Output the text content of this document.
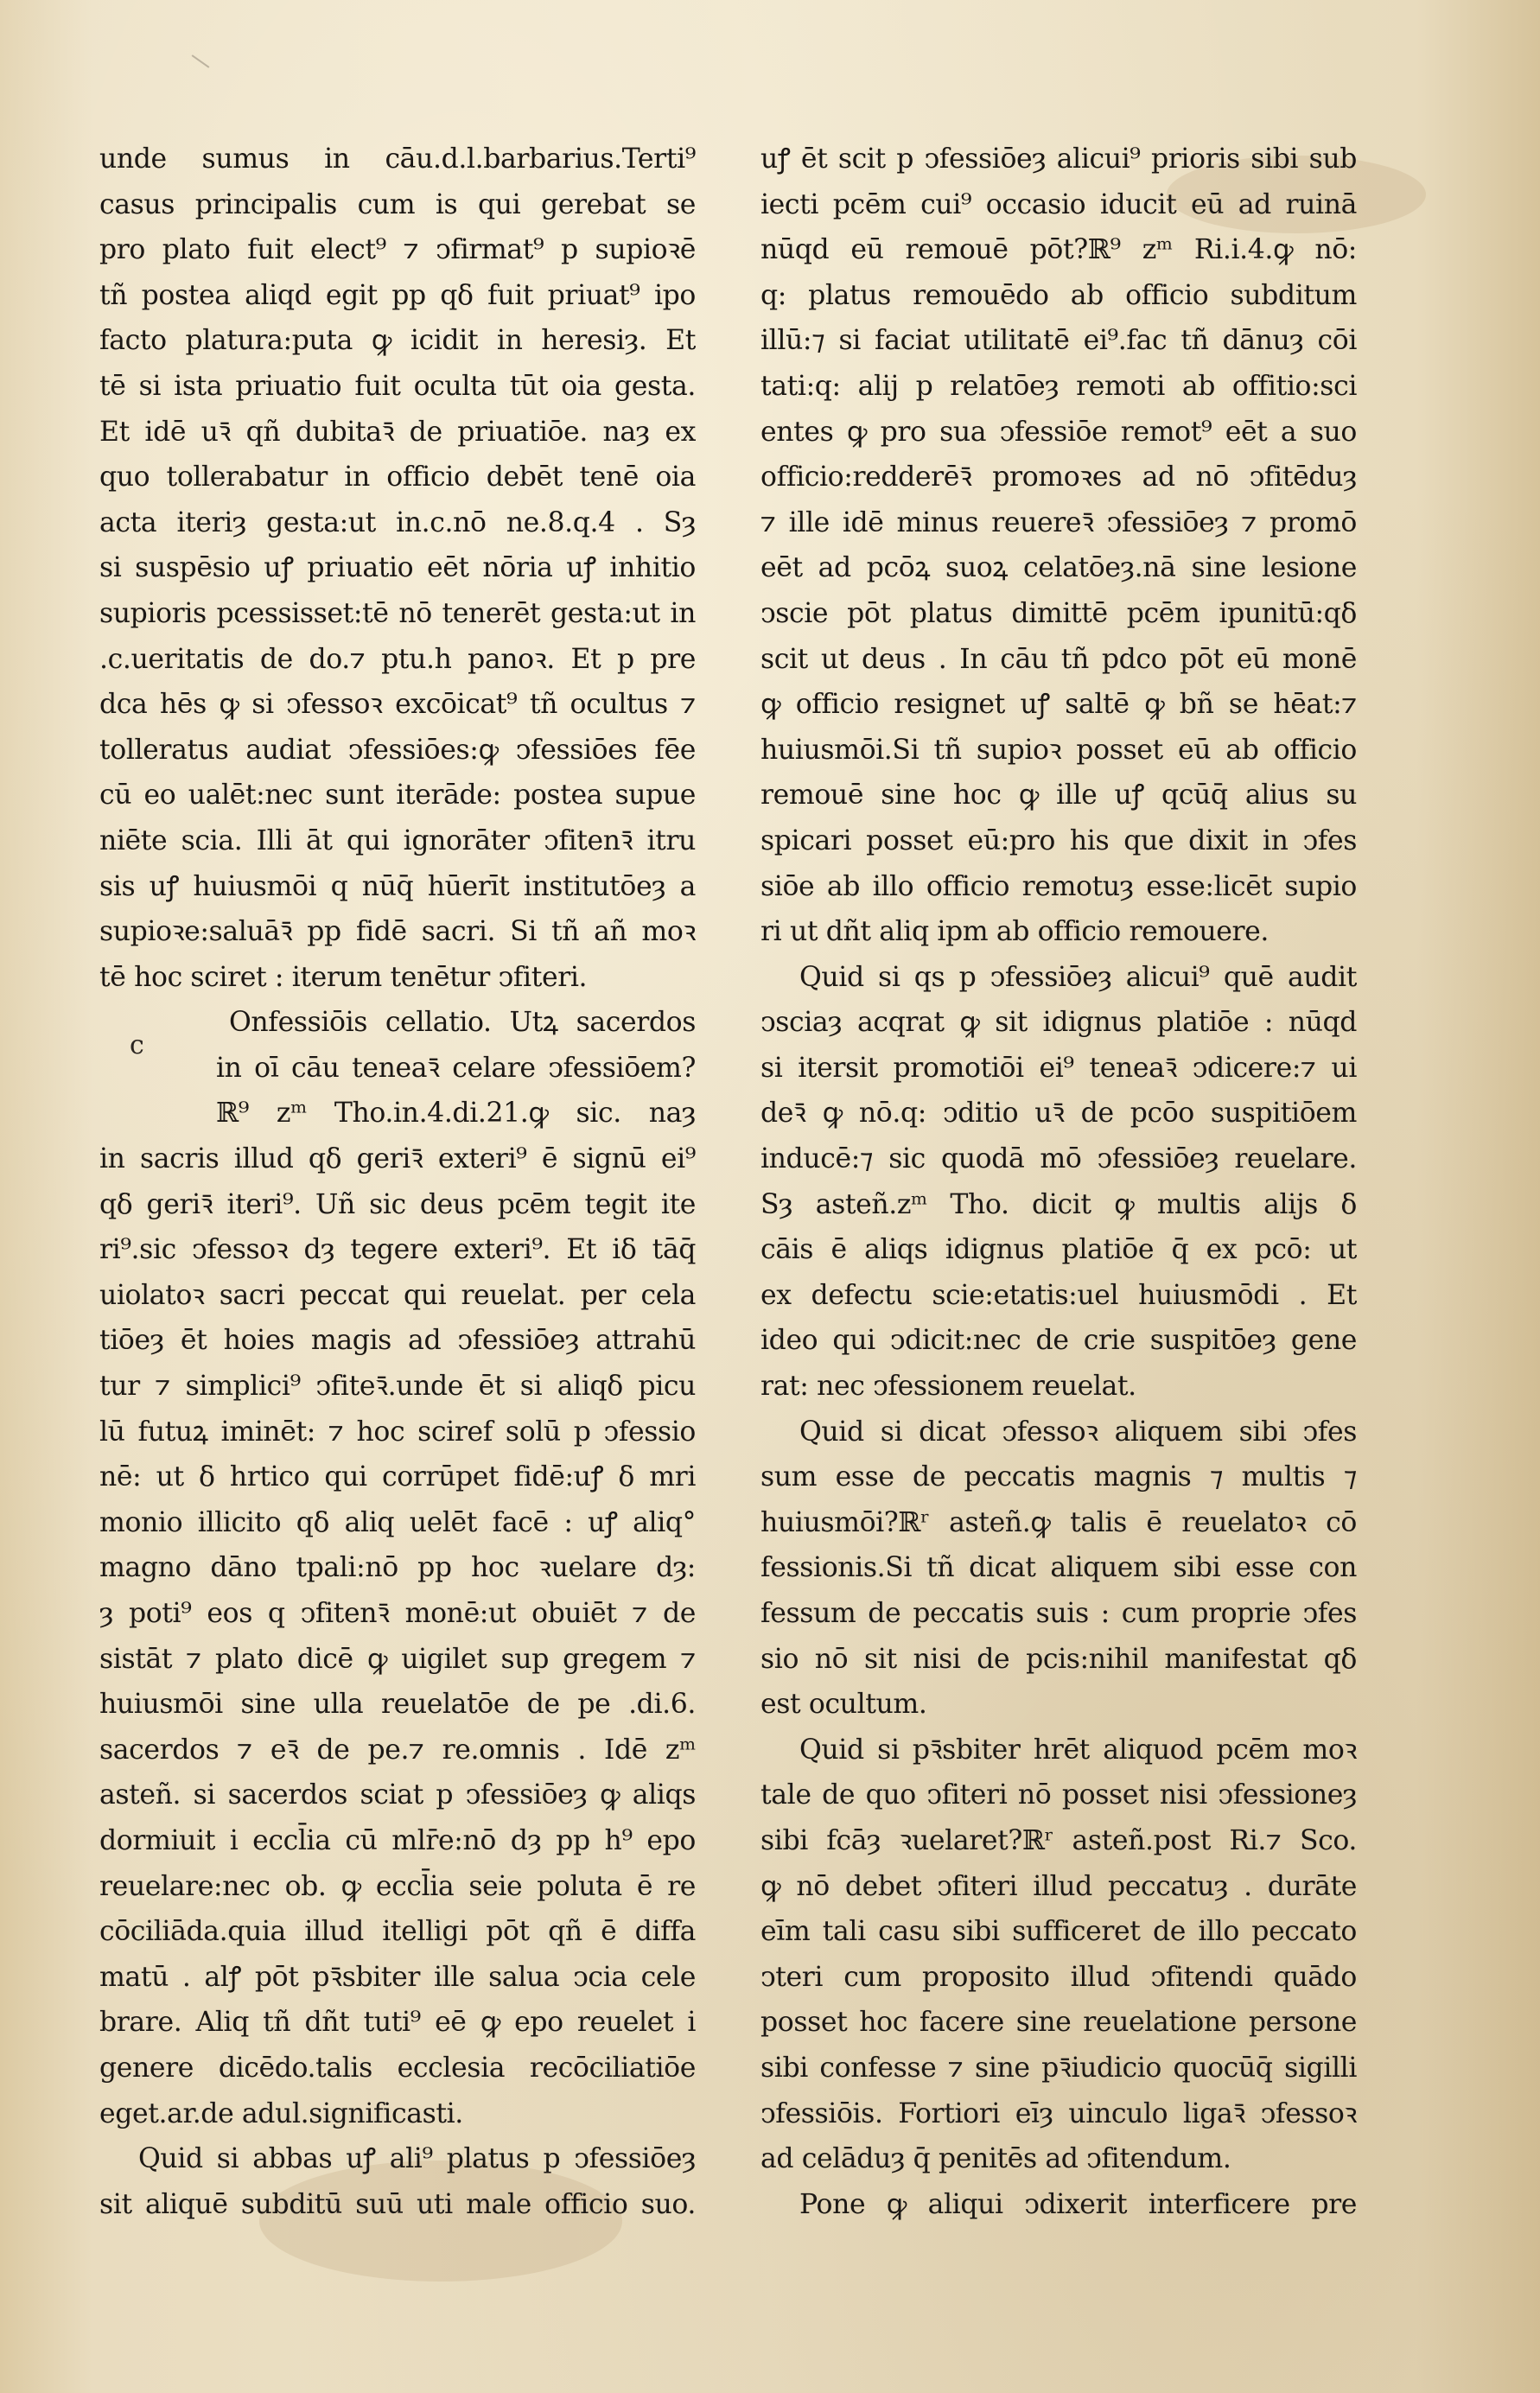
unde sumus in cāu.d.l.barbarius.Terti⁹
casus principalis cum is qui gerebat se
pro plato fuit elect⁹ ⁊ ↄfirmat⁹ p supioꝛē
tñ postea aliqd egit pp qδ fuit priuat⁹ ipo
facto platura:puta ꝙ icidit in heresiȝ. Et
tē si ista priuatio fuit oculta tūt oia gesta.
Et idē uꝛ̄ qñ dubitaꝛ̄ de priuatiōe. naȝ ex
quo tollerabatur in officio debēt tenē oia
acta iteriȝ gesta:ut in.c.nō ne.8.q.4 . Sȝ
si suspēsio uꝭ priuatio eēt nōria uꝭ inhitio
supioris pcessisset:tē nō tenerēt gesta:ut in
.c.ueritatis de do.⁊ ptu.h panoꝛ. Et p pre
dca hēs ꝙ si ↄfessoꝛ excōicat⁹ tñ ocultus ⁊
tolleratus audiat ↄfessiōes:ꝙ ↄfessiōes fēe
cū eo ualēt:nec sunt iterāde: postea supue
niēte scia. Illi āt qui ignorāter ↄfitenꝛ̄ itru
sis uꝭ huiusmōi q nūq̄ hūerīt institutōeȝ a
supioꝛe:saluāꝛ̄ pp fidē sacri. Si tñ añ moꝛ
tē hoc sciret : iterum tenētur ↄfiteri.
Onfessiōis cellatio. Utꝝ sacerdos
in oī cāu teneaꝛ̄ celare ↄfessiōem?
ℝ⁹ zᵐ Tho.in.4.di.21.ꝙ sic. naȝ
in sacris illud qδ geriꝛ̄ exteri⁹ ē signū ei⁹
qδ geriꝛ̄ iteri⁹. Uñ sic deus pcēm tegit ite
ri⁹.sic ↄfessoꝛ dȝ tegere exteri⁹. Et iδ tāq̄
uiolatoꝛ sacri peccat qui reuelat. per cela
tiōeȝ ēt hoies magis ad ↄfessiōeȝ attrahū
tur ⁊ simplici⁹ ↄfiteꝛ̄.unde ēt si aliqδ picu
lū futuꝝ iminēt: ⁊ hoc sciref solū p ↄfessio
nē: ut δ hrtico qui corrūpet fidē:uꝭ δ mri
monio illicito qδ aliq uelēt facē : uꝭ aliq°
magno dāno tpali:nō pp hoc ꝛuelare dȝ:
ȝ poti⁹ eos q ↄfitenꝛ̄ monē:ut obuiēt ⁊ de
sistāt ⁊ plato dicē ꝙ uigilet sup gregem ⁊
huiusmōi sine ulla reuelatōe de pe .di.6.
sacerdos ⁊ eꝛ̄ de pe.⁊ re.omnis . Idē zᵐ
asteñ. si sacerdos sciat p ↄfessiōeȝ ꝙ aliqs
dormiuit i eccl̄ia cū mlr̄e:nō dȝ pp h⁹ epo
reuelare:nec ob. ꝙ eccl̄ia seie poluta ē re
cōciliāda.quia illud itelligi pōt qñ ē diffa
matū . alꝭ pōt pꝛ̄sbiter ille salua ↄcia cele
brare. Aliq tñ dñt tuti⁹ eē ꝙ epo reuelet i
genere dicēdo.talis ecclesia recōciliatiōe
eget.ar.de adul.significasti.
Quid si abbas uꝭ ali⁹ platus p ↄfessiōeȝ
sit aliquē subditū suū uti male officio suo.
c
uꝭ ēt scit p ↄfessiōeȝ alicui⁹ prioris sibi sub
iecti pcēm cui⁹ occasio iducit eū ad ruinā
nūqd eū remouē pōt?ℝ⁹ zᵐ Ri.i.4.ꝙ nō:
q: platus remouēdo ab officio subditum
illū:⁊ si faciat utilitatē ei⁹.fac tñ dānuȝ cōi
tati:q: alij p relatōeȝ remoti ab offitio:sci
entes ꝙ pro sua ↄfessiōe remot⁹ eēt a suo
officio:redderēꝛ̄ promoꝛes ad nō ↄfitēduȝ
⁊ ille idē minus reuereꝛ̄ ↄfessiōeȝ ⁊ promō
eēt ad pcōꝝ suoꝝ celatōeȝ.nā sine lesione
ↄscie pōt platus dimittē pcēm ipunitū:qδ
scit ut deus . In cāu tñ pdco pōt eū monē
ꝙ officio resignet uꝭ saltē ꝙ bñ se hēat:⁊
huiusmōi.Si tñ supioꝛ posset eū ab officio
remouē sine hoc ꝙ ille uꝭ qcūq̄ alius su
spicari posset eū:pro his que dixit in ↄfes
siōe ab illo officio remotuȝ esse:licēt supio
ri ut dñt aliq ipm ab officio remouere.
Quid si qs p ↄfessiōeȝ alicui⁹ quē audit
ↄsciaȝ acqrat ꝙ sit idignus platiōe : nūqd
si itersit promotiōi ei⁹ teneaꝛ̄ ↄdicere:⁊ ui
deꝛ̄ ꝙ nō.q: ↄditio uꝛ̄ de pcōo suspitiōem
inducē:⁊ sic quodā mō ↄfessiōeȝ reuelare.
Sȝ asteñ.zᵐ Tho. dicit ꝙ multis alijs δ
cāis ē aliqs idignus platiōe q̄ ex pcō: ut
ex defectu scie:etatis:uel huiusmōdi . Et
ideo qui ↄdicit:nec de crie suspitōeȝ gene
rat: nec ↄfessionem reuelat.
Quid si dicat ↄfessoꝛ aliquem sibi ↄfes
sum esse de peccatis magnis ⁊ multis ⁊
huiusmōi?ℝʳ asteñ.ꝙ talis ē reuelatoꝛ cō
fessionis.Si tñ dicat aliquem sibi esse con
fessum de peccatis suis : cum proprie ↄfes
sio nō sit nisi de pcis:nihil manifestat qδ
est ocultum.
Quid si pꝛ̄sbiter hrēt aliquod pcēm moꝛ
tale de quo ↄfiteri nō posset nisi ↄfessioneȝ
sibi fcāȝ ꝛuelaret?ℝʳ asteñ.post Ri.⁊ Sco.
ꝙ nō debet ↄfiteri illud peccatuȝ . durāte
eīm tali casu sibi sufficeret de illo peccato
ↄteri cum proposito illud ↄfitendi quādo
posset hoc facere sine reuelatione persone
sibi confesse ⁊ sine pꝛ̄iudicio quocūq̄ sigilli
ↄfessiōis. Fortiori eīȝ uinculo ligaꝛ̄ ↄfessoꝛ
ad celāduȝ q̄ penitēs ad ↄfitendum.
Pone ꝙ aliqui ↄdixerit interficere pre
